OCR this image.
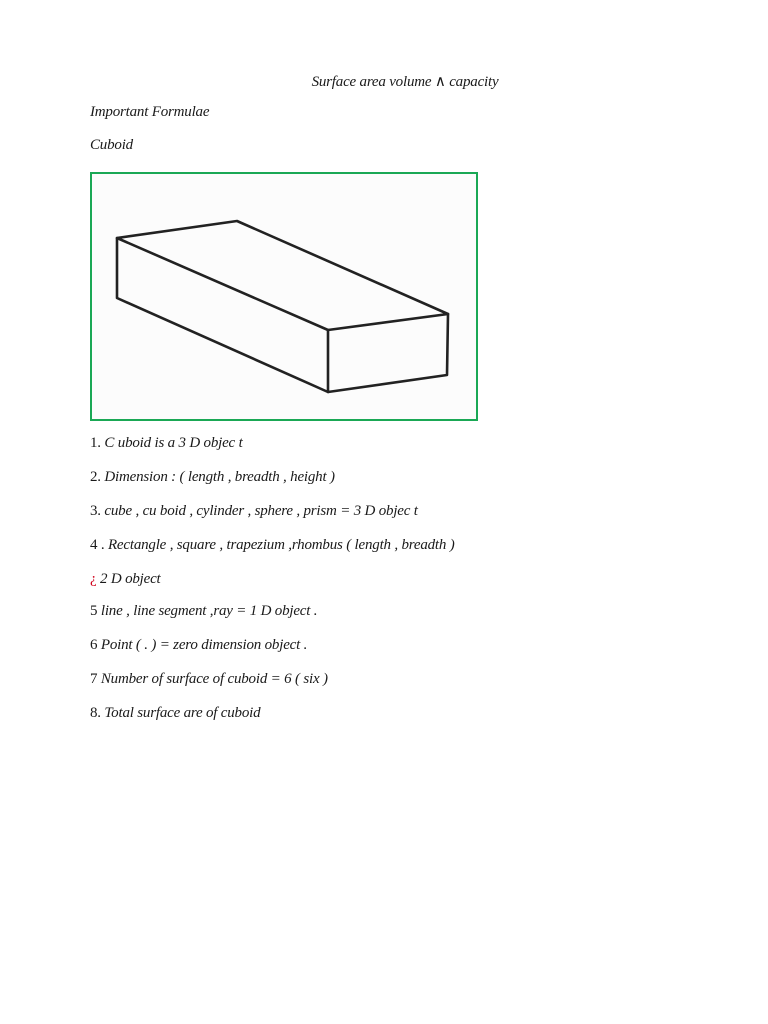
Surface area volume ∧ capacity
Important Formulae
Cuboid
1. C uboid is a 3 D objec t
2. Dimension : ( length , breadth , height )
3. cube , cu boid , cylinder , sphere , prism = 3 D objec t
4 . Rectangle , square , trapezium ,rhombus ( length , breadth )
¿ 2 D object
5 line , line segment ,ray = 1 D object .
6 Point ( . ) = zero dimension object .
7 Number of surface of cuboid = 6 ( six )
8. Total surface are of cuboid
